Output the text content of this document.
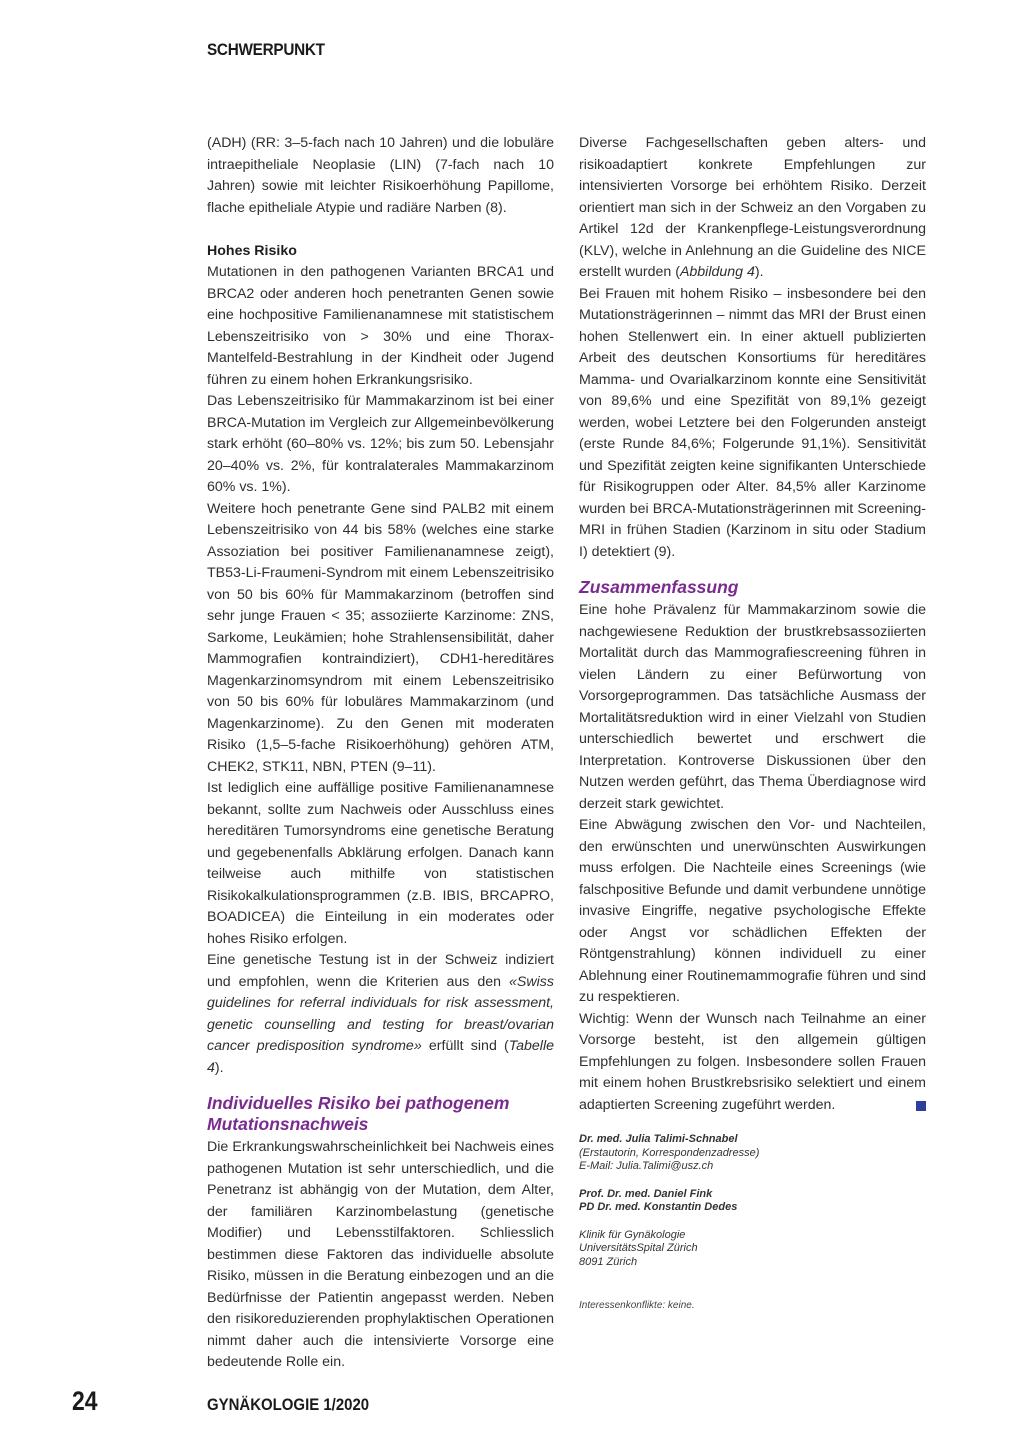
SCHWERPUNKT

(ADH) (RR: 3–5-fach nach 10 Jahren) und die lobuläre intraepitheliale Neoplasie (LIN) (7-fach nach 10 Jahren) sowie mit leichter Risikoerhöhung Papillome, flache epitheliale Atypie und radiäre Narben (8).

Hohes Risiko

Mutationen in den pathogenen Varianten BRCA1 und BRCA2 oder anderen hoch penetranten Genen sowie eine hochpositive Familienanamnese mit statistischem Lebenszeitrisiko von > 30% und eine Thorax-Mantelfeld-Bestrahlung in der Kindheit oder Jugend führen zu einem hohen Erkrankungsrisiko.

Das Lebenszeitrisiko für Mammakarzinom ist bei einer BRCA-Mutation im Vergleich zur Allgemeinbevölkerung stark erhöht (60–80% vs. 12%; bis zum 50. Lebensjahr 20–40% vs. 2%, für kontralaterales Mammakarzinom 60% vs. 1%).

Weitere hoch penetrante Gene sind PALB2 mit einem Lebenszeitrisiko von 44 bis 58% (welches eine starke Assoziation bei positiver Familienanamnese zeigt), TB53-Li-Fraumeni-Syndrom mit einem Lebenszeitrisiko von 50 bis 60% für Mammakarzinom (betroffen sind sehr junge Frauen < 35; assoziierte Karzinome: ZNS, Sarkome, Leukämien; hohe Strahlensensibilität, daher Mammografien kontraindiziert), CDH1-hereditäres Magenkarzinomsyndrom mit einem Lebenszeitrisiko von 50 bis 60% für lobuläres Mammakarzinom (und Magenkarzinome). Zu den Genen mit moderaten Risiko (1,5–5-fache Risikoerhöhung) gehören ATM, CHEK2, STK11, NBN, PTEN (9–11).

Ist lediglich eine auffällige positive Familienanamnese bekannt, sollte zum Nachweis oder Ausschluss eines hereditären Tumorsyndroms eine genetische Beratung und gegebenenfalls Abklärung erfolgen. Danach kann teilweise auch mithilfe von statistischen Risikokalkulationsprogrammen (z.B. IBIS, BRCAPRO, BOADICEA) die Einteilung in ein moderates oder hohes Risiko erfolgen.

Eine genetische Testung ist in der Schweiz indiziert und empfohlen, wenn die Kriterien aus den «Swiss guidelines for referral individuals for risk assessment, genetic counselling and testing for breast/ovarian cancer predisposition syndrome» erfüllt sind (Tabelle 4).

Individuelles Risiko bei pathogenem Mutationsnachweis

Die Erkrankungswahrscheinlichkeit bei Nachweis eines pathogenen Mutation ist sehr unterschiedlich, und die Penetranz ist abhängig von der Mutation, dem Alter, der familiären Karzinombelastung (genetische Modifier) und Lebensstilfaktoren. Schliesslich bestimmen diese Faktoren das individuelle absolute Risiko, müssen in die Beratung einbezogen und an die Bedürfnisse der Patientin angepasst werden. Neben den risikoreduzierenden prophylaktischen Operationen nimmt daher auch die intensivierte Vorsorge eine bedeutende Rolle ein.

Diverse Fachgesellschaften geben alters- und risikoadaptiert konkrete Empfehlungen zur intensivierten Vorsorge bei erhöhtem Risiko. Derzeit orientiert man sich in der Schweiz an den Vorgaben zu Artikel 12d der Krankenpflege-Leistungsverordnung (KLV), welche in Anlehnung an die Guideline des NICE erstellt wurden (Abbildung 4).

Bei Frauen mit hohem Risiko – insbesondere bei den Mutationsträgerinnen – nimmt das MRI der Brust einen hohen Stellenwert ein. In einer aktuell publizierten Arbeit des deutschen Konsortiums für hereditäres Mamma- und Ovarialkarzinom konnte eine Sensitivität von 89,6% und eine Spezifität von 89,1% gezeigt werden, wobei Letztere bei den Folgerunden ansteigt (erste Runde 84,6%; Folgerunde 91,1%). Sensitivität und Spezifität zeigten keine signifikanten Unterschiede für Risikogruppen oder Alter. 84,5% aller Karzinome wurden bei BRCA-Mutationsträgerinnen mit Screening-MRI in frühen Stadien (Karzinom in situ oder Stadium I) detektiert (9).

Zusammenfassung

Eine hohe Prävalenz für Mammakarzinom sowie die nachgewiesene Reduktion der brustkrebsassoziierten Mortalität durch das Mammografiescreening führen in vielen Ländern zu einer Befürwortung von Vorsorgeprogrammen. Das tatsächliche Ausmass der Mortalitätsreduktion wird in einer Vielzahl von Studien unterschiedlich bewertet und erschwert die Interpretation. Kontroverse Diskussionen über den Nutzen werden geführt, das Thema Überdiagnose wird derzeit stark gewichtet.

Eine Abwägung zwischen den Vor- und Nachteilen, den erwünschten und unerwünschten Auswirkungen muss erfolgen. Die Nachteile eines Screenings (wie falschpositive Befunde und damit verbundene unnötige invasive Eingriffe, negative psychologische Effekte oder Angst vor schädlichen Effekten der Röntgenstrahlung) können individuell zu einer Ablehnung einer Routinemammografie führen und sind zu respektieren.

Wichtig: Wenn der Wunsch nach Teilnahme an einer Vorsorge besteht, ist den allgemein gültigen Empfehlungen zu folgen. Insbesondere sollen Frauen mit einem hohen Brustkrebsrisiko selektiert und einem adaptierten Screening zugeführt werden.

Dr. med. Julia Talimi-Schnabel
(Erstautorin, Korrespondenzadresse)
E-Mail: Julia.Talimi@usz.ch
Prof. Dr. med. Daniel Fink
PD Dr. med. Konstantin Dedes
Klinik für Gynäkologie
UniversitätsSpital Zürich
8091 Zürich
Interessenkonflikte: keine.
24	GYNÄKOLOGIE 1/2020
